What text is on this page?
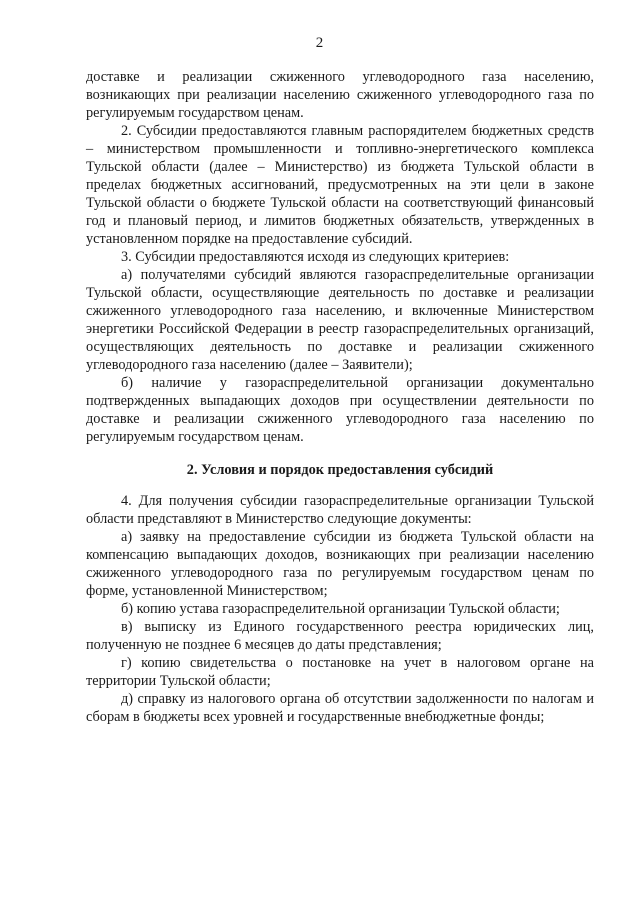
2

доставке и реализации сжиженного углеводородного газа населению, возникающих при реализации населению сжиженного углеводородного газа по регулируемым государством ценам.

2. Субсидии предоставляются главным распорядителем бюджетных средств – министерством промышленности и топливно-энергетического комплекса Тульской области (далее – Министерство) из бюджета Тульской области в пределах бюджетных ассигнований, предусмотренных на эти цели в законе Тульской области о бюджете Тульской области на соответствующий финансовый год и плановый период, и лимитов бюджетных обязательств, утвержденных в установленном порядке на предоставление субсидий.

3. Субсидии предоставляются исходя из следующих критериев:

а) получателями субсидий являются газораспределительные организации Тульской области, осуществляющие деятельность по доставке и реализации сжиженного углеводородного газа населению, и включенные Министерством энергетики Российской Федерации в реестр газораспределительных организаций, осуществляющих деятельность по доставке и реализации сжиженного углеводородного газа населению (далее – Заявители);

б) наличие у газораспределительной организации документально подтвержденных выпадающих доходов при осуществлении деятельности по доставке и реализации сжиженного углеводородного газа населению по регулируемым государством ценам.

2. Условия и порядок предоставления субсидий

4. Для получения субсидии газораспределительные организации Тульской области представляют в Министерство следующие документы:

а) заявку на предоставление субсидии из бюджета Тульской области на компенсацию выпадающих доходов, возникающих при реализации населению сжиженного углеводородного газа по регулируемым государством ценам по форме, установленной Министерством;

б) копию устава газораспределительной организации Тульской области;

в) выписку из Единого государственного реестра юридических лиц, полученную не позднее 6 месяцев до даты представления;

г) копию свидетельства о постановке на учет в налоговом органе на территории Тульской области;

д) справку из налогового органа об отсутствии задолженности по налогам и сборам в бюджеты всех уровней и государственные внебюджетные фонды;
